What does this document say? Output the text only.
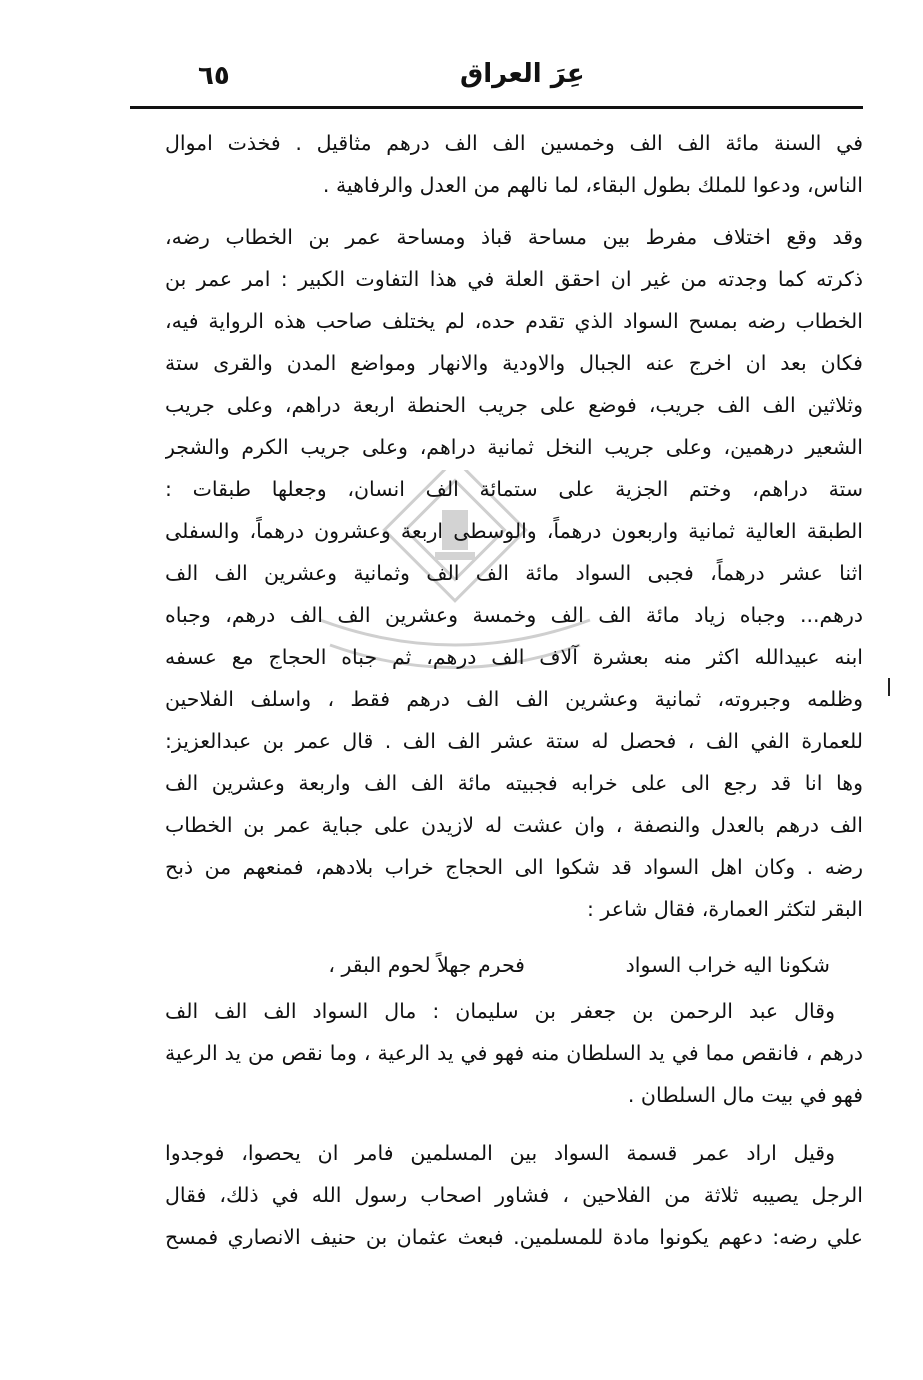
٦٥	عِرَ العراق
في السنة مائة الف الف وخمسين الف الف درهم مثاقيل . فخذت اموال
الناس، ودعوا للملك بطول البقاء، لما نالهم من العدل والرفاهية .
وقد وقع اختلاف مفرط بين مساحة قباذ ومساحة عمر بن الخطاب رضه،
ذكرته كما وجدته من غير ان احقق العلة في هذا التفاوت الكبير : امر عمر بن
الخطاب رضه بمسح السواد الذي تقدم حده، لم يختلف صاحب هذه الرواية فيه،
فكان بعد ان اخرج عنه الجبال والاودية والانهار ومواضع المدن والقرى ستة
وثلاثين الف الف جريب، فوضع على جريب الحنطة اربعة دراهم، وعلى جريب
الشعير درهمين، وعلى جريب النخل ثمانية دراهم، وعلى جريب الكرم والشجر
ستة دراهم، وختم الجزية على ستمائة الف انسان، وجعلها طبقات :
الطبقة العالية ثمانية واربعون درهماً، والوسطى اربعة وعشرون درهماً، والسفلى
اثنا عشر درهماً، فجبى السواد مائة الف الف وثمانية وعشرين الف الف
درهم... وجباه زياد مائة الف الف وخمسة وعشرين الف الف درهم، وجباه
ابنه عبيدالله اكثر منه بعشرة آلاف الف درهم، ثم جباه الحجاج مع عسفه
وظلمه وجبروته، ثمانية وعشرين الف الف درهم فقط ، واسلف الفلاحين
للعمارة الفي الف ، فحصل له ستة عشر الف الف . قال عمر بن عبدالعزيز:
وها انا قد رجع الى على خرابه فجبيته مائة الف الف واربعة وعشرين الف
الف درهم بالعدل والنصفة ، وان عشت له لازيدن على جباية عمر بن الخطاب
رضه . وكان اهل السواد قد شكوا الى الحجاج خراب بلادهم، فمنعهم من ذبح
البقر لتكثر العمارة، فقال شاعر :
شكونا اليه خراب السواد
فحرم جهلاً لحوم البقر ،
وقال عبد الرحمن بن جعفر بن سليمان : مال السواد الف الف الف
درهم ، فانقص مما في يد السلطان منه فهو في يد الرعية ، وما نقص من يد الرعية
فهو في بيت مال السلطان .
وقيل اراد عمر قسمة السواد بين المسلمين فامر ان يحصوا، فوجدوا
الرجل يصيبه ثلاثة من الفلاحين ، فشاور اصحاب رسول الله في ذلك، فقال
علي رضه: دعهم يكونوا مادة للمسلمين. فبعث عثمان بن حنيف الانصاري فمسح
